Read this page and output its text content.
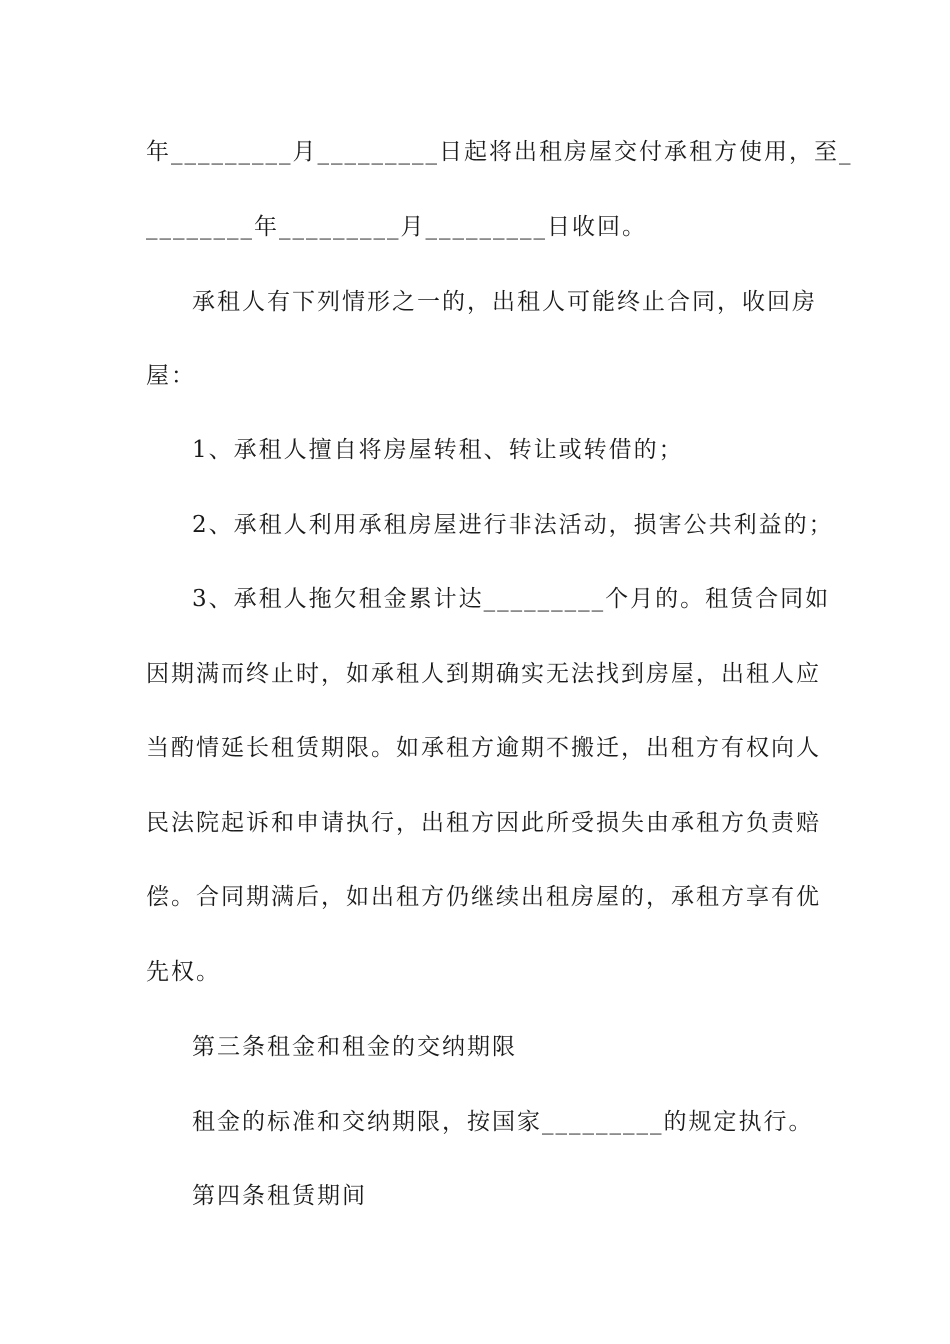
年_________月_________日起将出租房屋交付承租方使用，至_
________年_________月_________日收回。
承租人有下列情形之一的，出租人可能终止合同，收回房
屋：
1、承租人擅自将房屋转租、转让或转借的；
2、承租人利用承租房屋进行非法活动，损害公共利益的；
3、承租人拖欠租金累计达_________个月的。租赁合同如
因期满而终止时，如承租人到期确实无法找到房屋，出租人应
当酌情延长租赁期限。如承租方逾期不搬迁，出租方有权向人
民法院起诉和申请执行，出租方因此所受损失由承租方负责赔
偿。合同期满后，如出租方仍继续出租房屋的，承租方享有优
先权。
第三条租金和租金的交纳期限
租金的标准和交纳期限，按国家_________的规定执行。
第四条租赁期间
